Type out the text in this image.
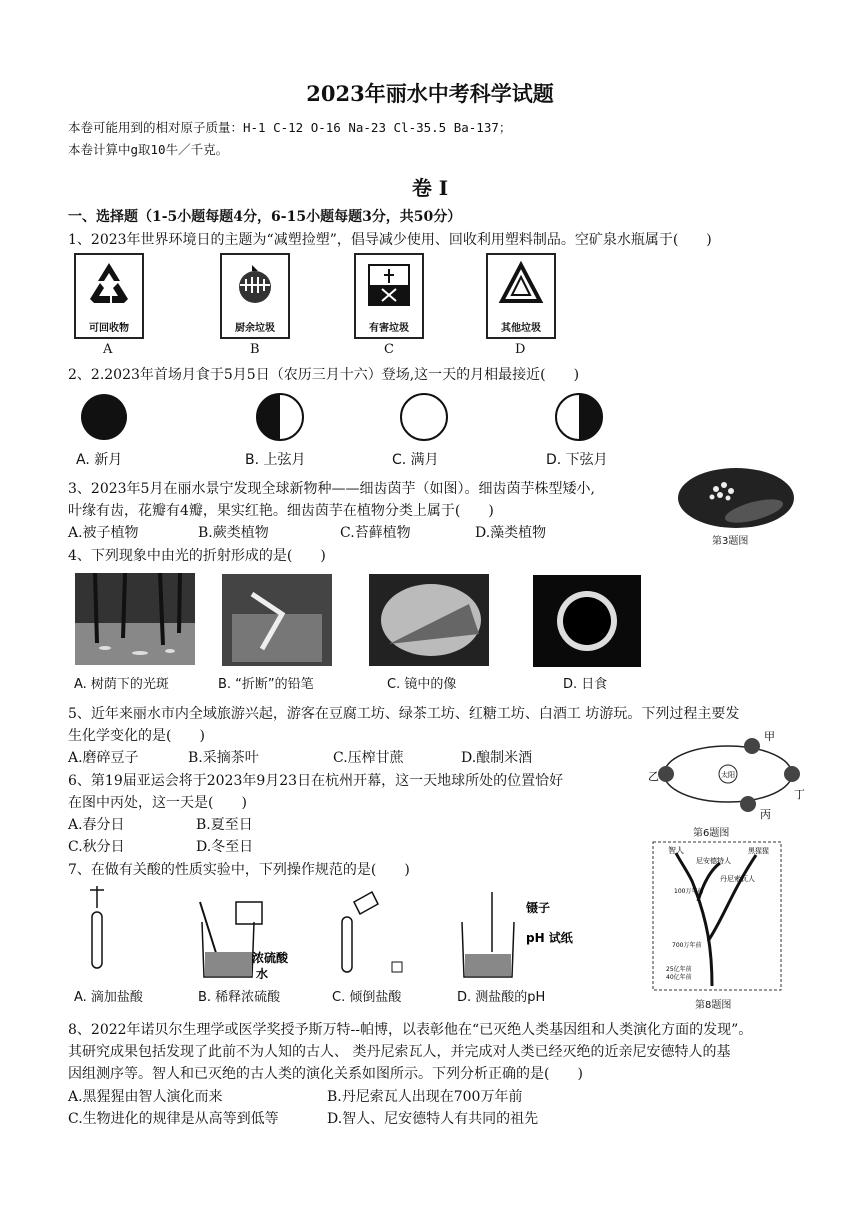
2023年丽水中考科学试题
本卷可能用到的相对原子质量：H-1 C-12 O-16 Na-23 Cl-35.5 Ba-137；
本卷计算中g取10牛／千克。
卷 I
一、选择题（1-5小题每题4分，6-15小题每题3分，共50分）
1、2023年世界环境日的主题为“减塑捡塑”，倡导减少使用、回收利用塑料制品。空矿泉水瓶属于(　　)
可回收物	厨余垃圾	有害垃圾	其他垃圾
A	B	C	D
2、2.2023年首场月食于5月5日（农历三月十六）登场,这一天的月相最接近(　　)
A. 新月	B. 上弦月	C. 满月	D. 下弦月
3、2023年5月在丽水景宁发现全球新物种——细齿茵芋（如图）。细齿茵芋株型矮小,
叶缘有齿，花瓣有4瓣，果实红艳。细齿茵芋在植物分类上属于(　　)
A.被子植物	B.蕨类植物	C.苔藓植物	D.藻类植物
第3题图
4、下列现象中由光的折射形成的是(　　)
A. 树荫下的光斑	B. “折断”的铅笔	C. 镜中的像	D. 日食
5、近年来丽水市内全域旅游兴起，游客在豆腐工坊、绿茶工坊、红糖工坊、白酒工 坊游玩。下列过程主要发
生化学变化的是(　　)
A.磨碎豆子	B.采摘茶叶	C.压榨甘蔗	D.酿制米酒
6、第19届亚运会将于2023年9月23日在杭州开幕，这一天地球所处的位置恰好
在图中丙处，这一天是(　　)
A.春分日	B.夏至日
C.秋分日	D.冬至日
太阳
甲
乙
丙
丁
第6题图
7、在做有关酸的性质实验中，下列操作规范的是(　　)
浓硫酸
水
镊子
pH 试纸
A. 滴加盐酸	B. 稀释浓硫酸	C. 倾倒盐酸	D. 测盐酸的pH
智人
尼安德特人
黑猩猩
丹尼索瓦人
100万年前
700万年前
25亿年前
40亿年前
第8题图
8、2022年诺贝尔生理学或医学奖授予斯万特--帕博，以表彰他在“已灭绝人类基因组和人类演化方面的发现”。
其研究成果包括发现了此前不为人知的古人、 类丹尼索瓦人，并完成对人类已经灭绝的近亲尼安德特人的基
因组测序等。智人和已灭绝的古人类的演化关系如图所示。下列分析正确的是(　　)
A.黑猩猩由智人演化而来	B.丹尼索瓦人出现在700万年前
C.生物进化的规律是从高等到低等	D.智人、尼安德特人有共同的祖先
